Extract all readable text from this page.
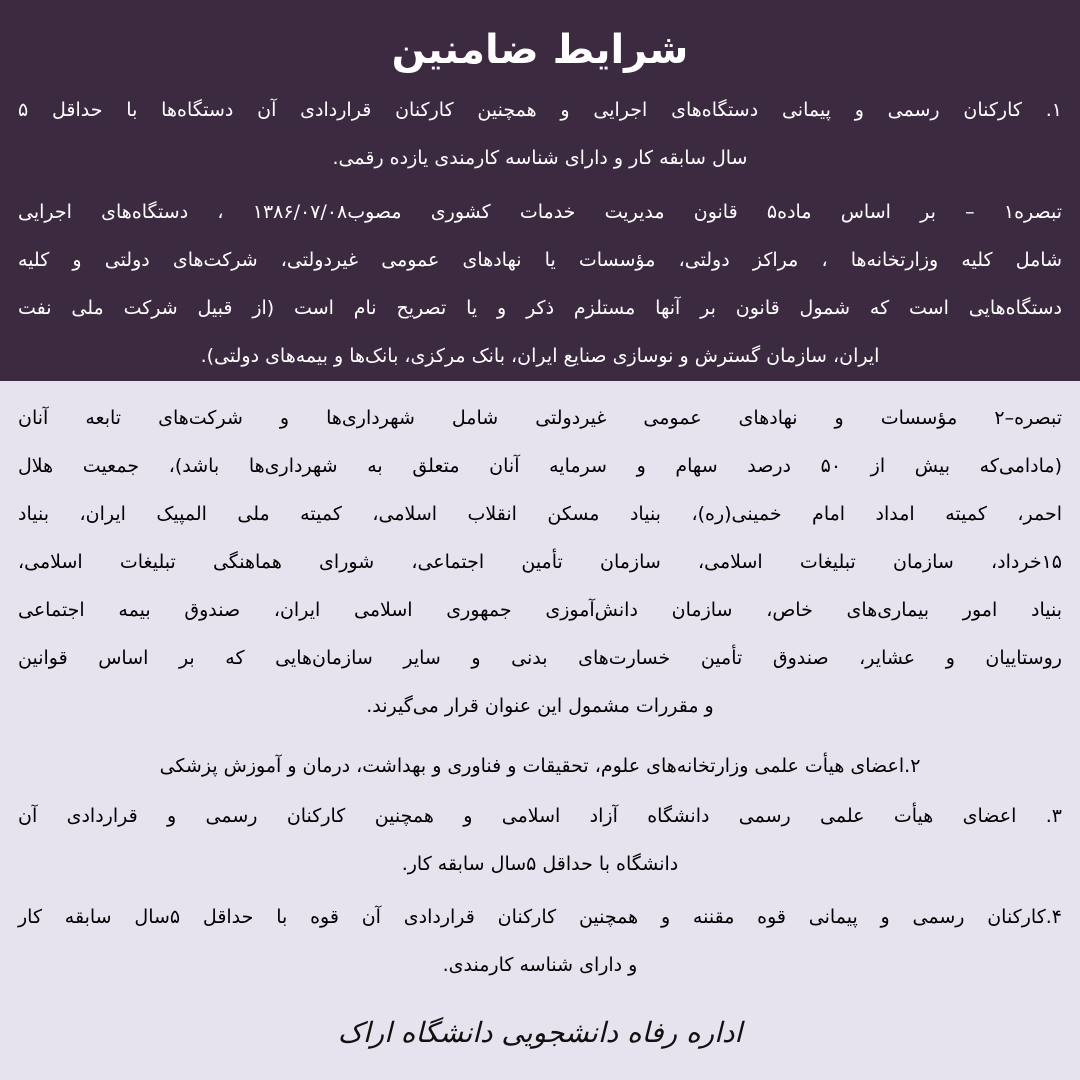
شرایط ضامنین
۱. کارکنان رسمی و پیمانی دستگاه‌های اجرایی و همچنین کارکنان قراردادی آن دستگاه‌ها با حداقل ۵
سال سابقه کار و دارای شناسه کارمندی یازده رقمی.
تبصره۱ – بر اساس ماده۵ قانون مدیریت خدمات کشوری مصوب۱۳۸۶/۰۷/۰۸ ، دستگاه‌های اجرایی
شامل کلیه وزارتخانه‌ها ، مراکز دولتی، مؤسسات یا نهادهای عمومی غیردولتی، شرکت‌های دولتی و کلیه
دستگاه‌هایی است که شمول قانون بر آنها مستلزم ذکر و یا تصریح نام است (از قبیل شرکت ملی نفت
ایران، سازمان گسترش و نوسازی صنایع ایران، بانک مرکزی، بانک‌ها و بیمه‌های دولتی).
تبصره–۲ مؤسسات و نهادهای عمومی غیردولتی شامل شهرداری‌ها و شرکت‌های تابعه آنان
(مادامی‌که بیش از ۵۰ درصد سهام و سرمایه آنان متعلق به شهرداری‌ها باشد)، جمعیت هلال
احمر، کمیته امداد امام خمینی(ره)، بنیاد مسکن انقلاب اسلامی، کمیته ملی المپیک ایران، بنیاد
۱۵خرداد، سازمان تبلیغات اسلامی، سازمان تأمین اجتماعی، شورای هماهنگی تبلیغات اسلامی،
بنیاد امور بیماری‌های خاص، سازمان دانش‌آموزی جمهوری اسلامی ایران، صندوق بیمه اجتماعی
روستاییان و عشایر، صندوق تأمین خسارت‌های بدنی و سایر سازمان‌هایی که بر اساس قوانین
و مقررات مشمول این عنوان قرار می‌گیرند.
۲.اعضای هیأت علمی وزارتخانه‌های علوم، تحقیقات و فناوری و بهداشت، درمان و آموزش پزشکی
۳. اعضای هیأت علمی رسمی دانشگاه آزاد اسلامی و همچنین کارکنان رسمی و قراردادی آن
دانشگاه با حداقل ۵سال سابقه کار.
۴.کارکنان رسمی و پیمانی قوه مقننه و همچنین کارکنان قراردادی آن قوه با حداقل ۵سال سابقه کار
و دارای شناسه کارمندی.
اداره رفاه دانشجویی دانشگاه اراک
